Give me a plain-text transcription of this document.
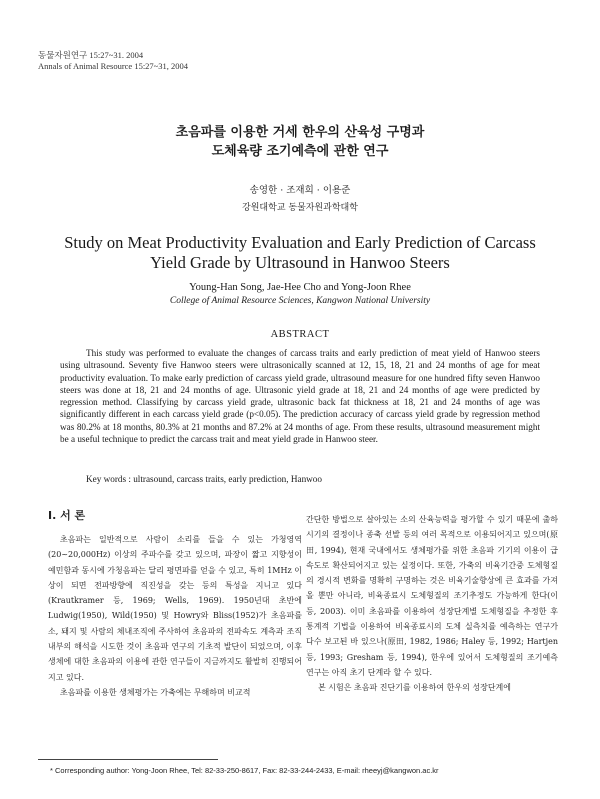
동물자원연구 15:27~31. 2004
Annals of Animal Resource 15:27~31, 2004
초음파를 이용한 거세 한우의 산육성 구명과
도체육량 조기예측에 관한 연구
송영한 · 조재희 · 이용준
강원대학교 동물자원과학대학
Study on Meat Productivity Evaluation and Early Prediction of Carcass
Yield Grade by Ultrasound in Hanwoo Steers
Young-Han Song, Jae-Hee Cho and Yong-Joon Rhee
College of Animal Resource Sciences, Kangwon National University
ABSTRACT

This study was performed to evaluate the changes of carcass traits and early prediction of meat yield of Hanwoo steers using ultrasound. Seventy five Hanwoo steers were ultrasonically scanned at 12, 15, 18, 21 and 24 months of age for meat productivity evaluation. To make early prediction of carcass yield grade, ultrasound measure for one hundred fifty seven Hanwoo steers was done at 18, 21 and 24 months of age. Ultrasonic yield grade at 18, 21 and 24 months of age were predicted by regression method. Classifying by carcass yield grade, ultrasonic back fat thickness at 18, 21 and 24 months of age was significantly different in each carcass yield grade (p<0.05). The prediction accuracy of carcass yield grade by regression method was 80.2% at 18 months, 80.3% at 21 months and 87.2% at 24 months of age. From these results, ultrasound measurement might be a useful technique to predict the carcass trait and meat yield grade in Hanwoo steer.

Key words : ultrasound, carcass traits, early prediction, Hanwoo
Ⅰ. 서 론

초음파는 일반적으로 사람이 소리를 들을 수 있는 가청영역(20~20,000Hz) 이상의 주파수를 갖고 있으며, 파장이 짧고 지향성이 예민함과 동시에 가청음파는 달리 평면파를 얻을 수 있고, 특히 1MHz 이상이 되면 전파방향에 직진성을 갖는 등의 특성을 지니고 있다(Krautkramer 등, 1969; Wells, 1969). 1950년대 초반에 Ludwig(1950), Wild(1950) 및 Howry와 Bliss(1952)가 초음파를 소, 돼지 및 사람의 체내조직에 주사하여 초음파의 전파속도 계측과 조직내부의 해석을 시도한 것이 초음파 연구의 기초적 발단이 되었으며, 이후 생체에 대한 초음파의 이용에 관한 연구들이 지금까지도 활발히 진행되어지고 있다.

초음파를 이용한 생체평가는 가축에는 무해하며 비교적

간단한 방법으로 살아있는 소의 산육능력을 평가할 수 있기 때문에 출하시기의 결정이나 종축 선발 등의 여러 목적으로 이용되어지고 있으며(原田, 1994), 현재 국내에서도 생체평가를 위한 초음파 기기의 이용이 급속도로 확산되어지고 있는 실정이다. 또한, 가축의 비육기간중 도체형질의 경시적 변화를 명확히 구명하는 것은 비육기술향상에 큰 효과를 가져올 뿐만 아니라, 비육종료시 도체형질의 조기추정도 가능하게 한다(이 등, 2003). 이미 초음파를 이용하여 성장단계별 도체형질을 추정한 후 통계적 기법을 이용하여 비육종료시의 도체 실측치를 예측하는 연구가 다수 보고된 바 있으나(原田, 1982, 1986; Haley 등, 1992; Hartjen 등, 1993; Gresham 등, 1994), 한우에 있어서 도체형질의 조기예측 연구는 아직 초기 단계라 할 수 있다.

본 시험은 초음파 진단기를 이용하여 한우의 성장단계에

* Corresponding author: Yong-Joon Rhee, Tel: 82-33-250-8617, Fax: 82-33-244-2433, E-mail: rheeyj@kangwon.ac.kr
